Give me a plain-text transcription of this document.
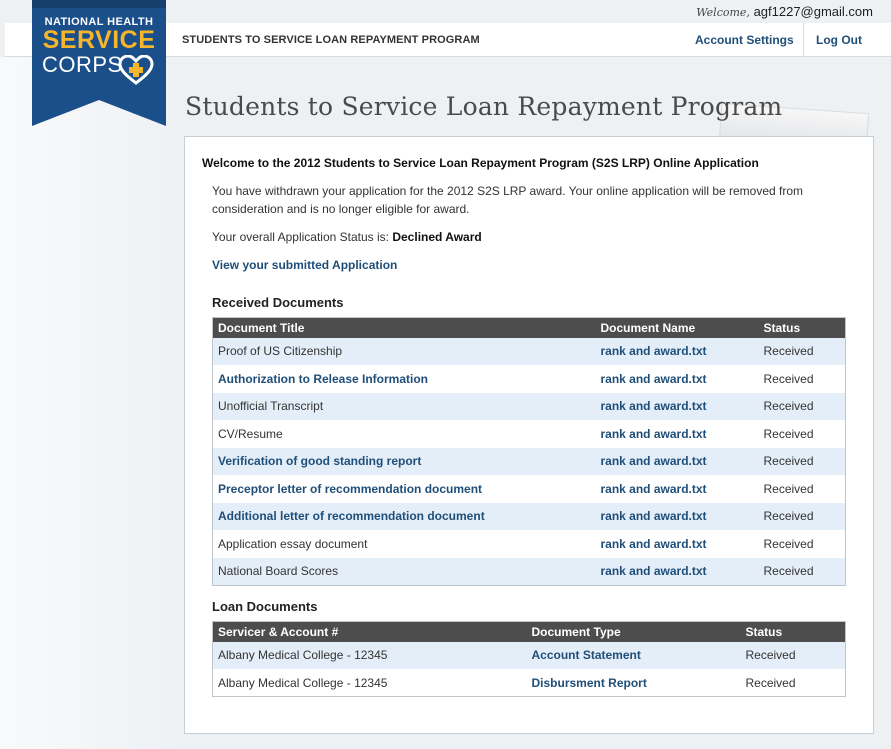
Welcome, agf1227@gmail.com
STUDENTS TO SERVICE LOAN REPAYMENT PROGRAM	Account Settings Log Out
NATIONAL HEALTH
SERVICE
CORPS
Students to Service Loan Repayment Program
Welcome to the 2012 Students to Service Loan Repayment Program (S2S LRP) Online Application
You have withdrawn your application for the 2012 S2S LRP award. Your online application will be removed from consideration and is no longer eligible for award.
Your overall Application Status is: Declined Award
View your submitted Application
Received Documents
Document Title	Document Name	Status
Proof of US Citizenship	rank and award.txt	Received
Authorization to Release Information	rank and award.txt	Received
Unofficial Transcript	rank and award.txt	Received
CV/Resume	rank and award.txt	Received
Verification of good standing report	rank and award.txt	Received
Preceptor letter of recommendation document	rank and award.txt	Received
Additional letter of recommendation document	rank and award.txt	Received
Application essay document	rank and award.txt	Received
National Board Scores	rank and award.txt	Received
Loan Documents
Servicer & Account #	Document Type	Status
Albany Medical College - 12345	Account Statement	Received
Albany Medical College - 12345	Disbursment Report	Received
